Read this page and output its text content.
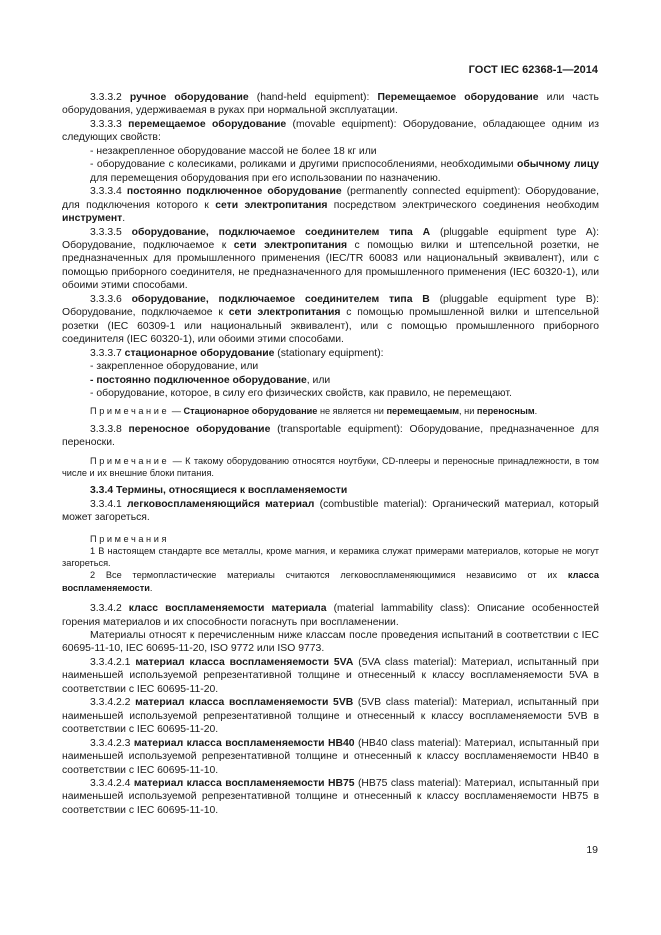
ГОСТ IEC 62368-1—2014

3.3.3.2 ручное оборудование (hand-held equipment): Перемещаемое оборудование или часть оборудования, удерживаемая в руках при нормальной эксплуатации.

3.3.3.3 перемещаемое оборудование (movable equipment): Оборудование, обладающее одним из следующих свойств:

- незакрепленное оборудование массой не более 18 кг или

- оборудование с колесиками, роликами и другими приспособлениями, необходимыми обычному лицу для перемещения оборудования при его использовании по назначению.

3.3.3.4 постоянно подключенное оборудование (permanently connected equipment): Оборудование, для подключения которого к сети электропитания посредством электрического соединения необходим инструмент.

3.3.3.5 оборудование, подключаемое соединителем типа А (pluggable equipment type A): Оборудование, подключаемое к сети электропитания с помощью вилки и штепсельной розетки, не предназначенных для промышленного применения (IEC/TR 60083 или национальный эквивалент), или с помощью приборного соединителя, не предназначенного для промышленного применения (IEC 60320-1), или обоими этими способами.

3.3.3.6 оборудование, подключаемое соединителем типа В (pluggable equipment type B): Оборудование, подключаемое к сети электропитания с помощью промышленной вилки и штепсельной розетки (IEC 60309-1 или национальный эквивалент), или с помощью промышленного приборного соединителя (IEC 60320-1), или обоими этими способами.

3.3.3.7 стационарное оборудование (stationary equipment):

- закрепленное оборудование, или

- постоянно подключенное оборудование, или

- оборудование, которое, в силу его физических свойств, как правило, не перемещают.

Примечание — Стационарное оборудование не является ни перемещаемым, ни переносным.

3.3.3.8 переносное оборудование (transportable equipment): Оборудование, предназначенное для переноски.

Примечание — К такому оборудованию относятся ноутбуки, CD-плееры и переносные принадлежности, в том числе и их внешние блоки питания.

3.3.4 Термины, относящиеся к воспламеняемости

3.3.4.1 легковоспламеняющийся материал (combustible material): Органический материал, который может загореться.

Примечания

1 В настоящем стандарте все металлы, кроме магния, и керамика служат примерами материалов, которые не могут загореться.

2 Все термопластические материалы считаются легковоспламеняющимися независимо от их класса воспламеняемости.

3.3.4.2 класс воспламеняемости материала (material lammability class): Описание особенностей горения материалов и их способности погаснуть при воспламенении.

Материалы относят к перечисленным ниже классам после проведения испытаний в соответствии с IEC 60695-11-10, IEC 60695-11-20, ISO 9772 или ISO 9773.

3.3.4.2.1 материал класса воспламеняемости 5VA (5VA class material): Материал, испытанный при наименьшей используемой репрезентативной толщине и отнесенный к классу воспламеняемости 5VA в соответствии с IEC 60695-11-20.

3.3.4.2.2 материал класса воспламеняемости 5VB (5VB class material): Материал, испытанный при наименьшей используемой репрезентативной толщине и отнесенный к классу воспламеняемости 5VB в соответствии с IEC 60695-11-20.

3.3.4.2.3 материал класса воспламеняемости HB40 (HB40 class material): Материал, испытанный при наименьшей используемой репрезентативной толщине и отнесенный к классу воспламеняемости HB40 в соответствии с IEC 60695-11-10.

3.3.4.2.4 материал класса воспламеняемости HB75 (HB75 class material): Материал, испытанный при наименьшей используемой репрезентативной толщине и отнесенный к классу воспламеняемости HB75 в соответствии с IEC 60695-11-10.

19
